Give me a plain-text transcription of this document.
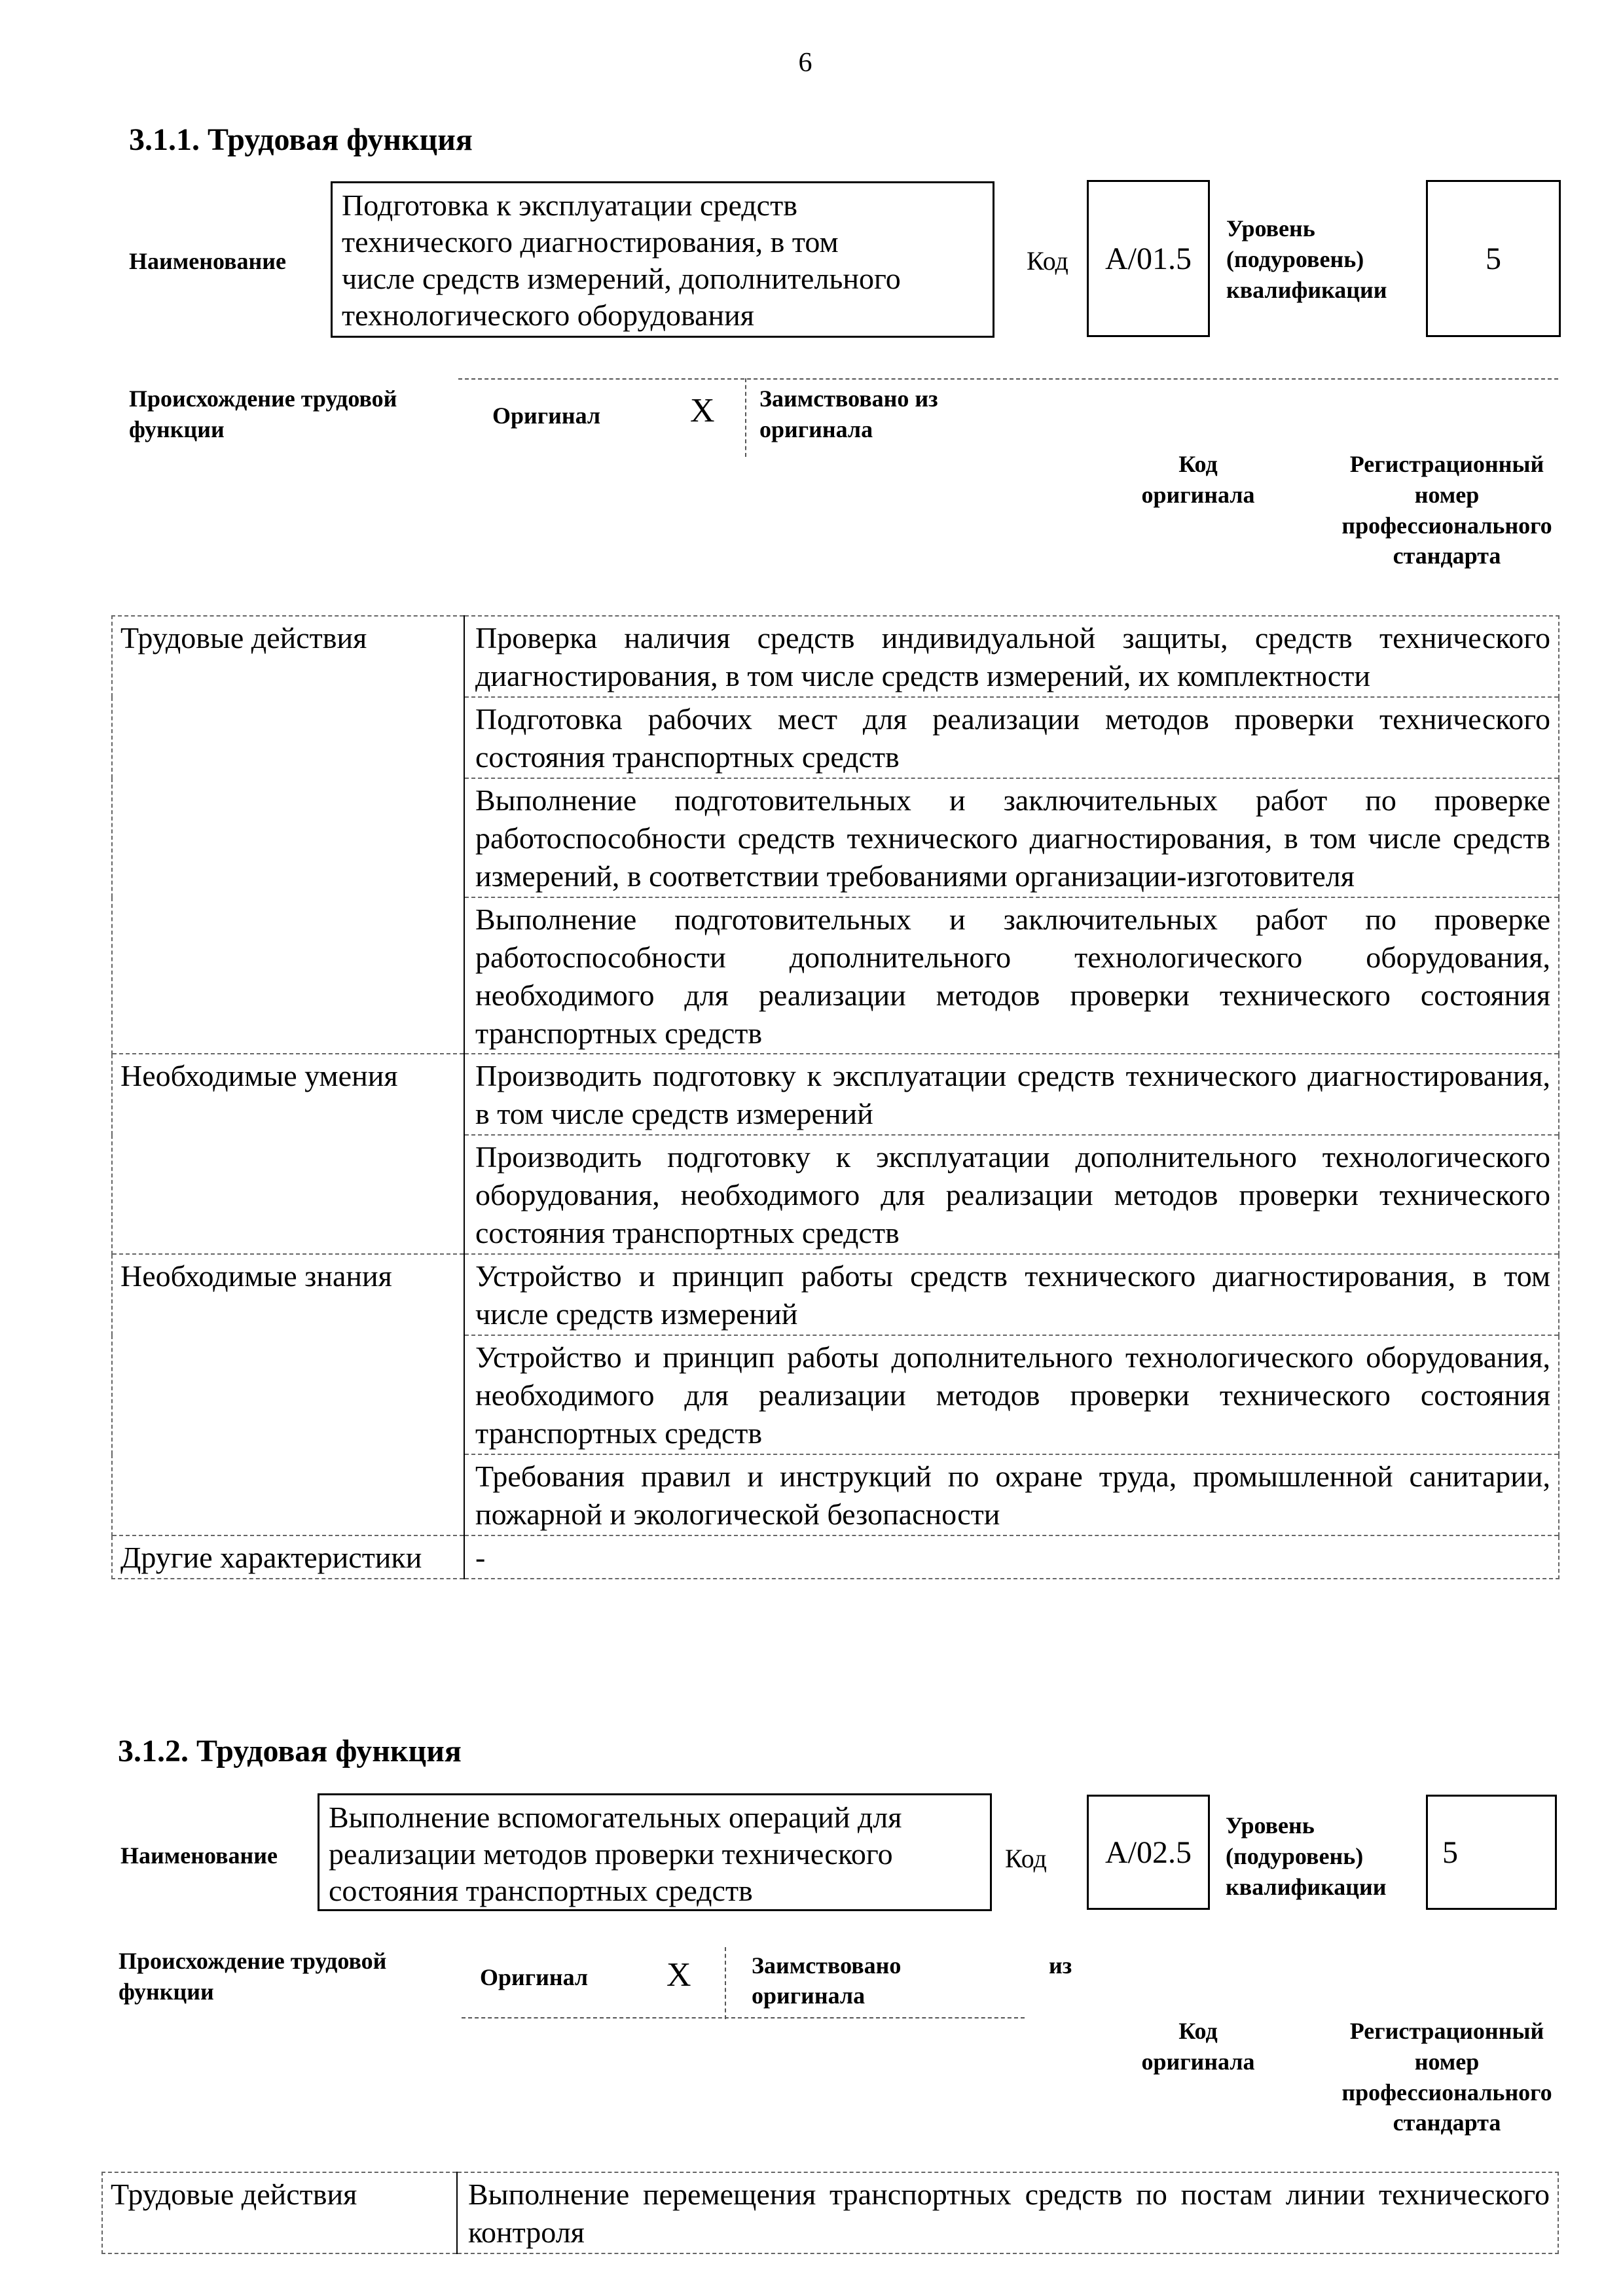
6
3.1.1. Трудовая функция
Наименование
Подготовка к эксплуатации средств
технического диагностирования, в том
числе средств измерений, дополнительного
технологического оборудования
Код	A/01.5
Уровень
(подуровень)
квалификации
5
Происхождение трудовой
функции
Оригинал	X Заимствовано из
оригинала
Код
оригинала
Регистрационный
номер
профессионального
стандарта
Трудовые действия	Проверка наличия средств индивидуальной защиты, средств технического диагностирования, в том числе средств измерений, их комплектности
	Подготовка рабочих мест для реализации методов проверки технического состояния транспортных средств
	Выполнение подготовительных и заключительных работ по проверке работоспособности средств технического диагностирования, в том числе средств измерений, в соответствии требованиями организации-изготовителя
	Выполнение подготовительных и заключительных работ по проверке работоспособности дополнительного технологического оборудования, необходимого для реализации методов проверки технического состояния транспортных средств
Необходимые умения	Производить подготовку к эксплуатации средств технического диагностирования, в том числе средств измерений
	Производить подготовку к эксплуатации дополнительного технологического оборудования, необходимого для реализации методов проверки технического состояния транспортных средств
Необходимые знания	Устройство и принцип работы средств технического диагностирования, в том числе средств измерений
	Устройство и принцип работы дополнительного технологического оборудования, необходимого для реализации методов проверки технического состояния транспортных средств
	Требования правил и инструкций по охране труда, промышленной санитарии, пожарной и экологической безопасности
Другие характеристики	-
3.1.2. Трудовая функция
Наименование
Выполнение вспомогательных операций для
реализации методов проверки технического
состояния транспортных средств
Код	A/02.5
Уровень
(подуровень)
квалификации
5
Происхождение трудовой
функции
Оригинал X	Заимствовано	из
оригинала
Код
оригинала
Регистрационный
номер
профессионального
стандарта
Трудовые действия	Выполнение перемещения транспортных средств по постам линии технического контроля
